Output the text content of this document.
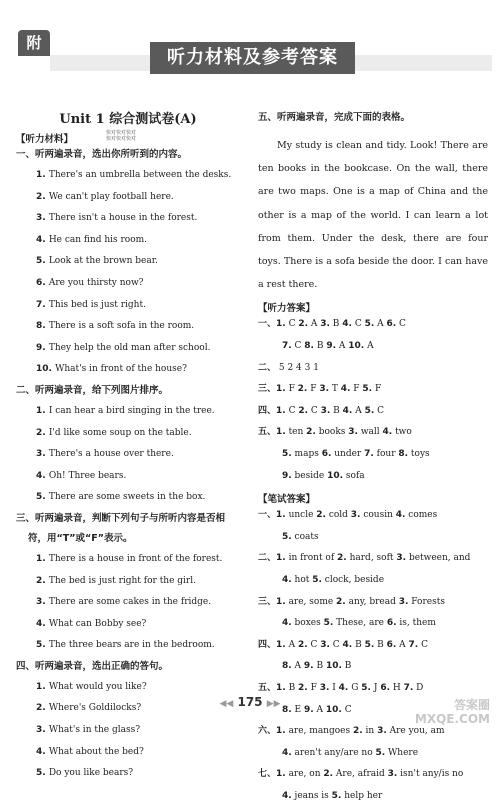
附
听力材料及参考答案
快对快对快对
快对快对快对
Unit 1 综合测试卷(A)
【听力材料】
一、听两遍录音，选出你所听到的内容。
1. There's an umbrella between the desks.
2. We can't play football here.
3. There isn't a house in the forest.
4. He can find his room.
5. Look at the brown bear.
6. Are you thirsty now?
7. This bed is just right.
8. There is a soft sofa in the room.
9. They help the old man after school.
10. What's in front of the house?
二、听两遍录音，给下列图片排序。
1. I can hear a bird singing in the tree.
2. I'd like some soup on the table.
3. There's a house over there.
4. Oh! Three bears.
5. There are some sweets in the box.
三、听两遍录音，判断下列句子与所听内容是否相
符，用“T”或“F”表示。
1. There is a house in front of the forest.
2. The bed is just right for the girl.
3. There are some cakes in the fridge.
4. What can Bobby see?
5. The three bears are in the bedroom.
四、听两遍录音，选出正确的答句。
1. What would you like?
2. Where's Goldilocks?
3. What's in the glass?
4. What about the bed?
5. Do you like bears?
五、听两遍录音，完成下面的表格。

My study is clean and tidy. Look! There are ten books in the bookcase. On the wall, there are two maps. One is a map of China and the other is a map of the world. I can learn a lot from them. Under the desk, there are four toys. There is a sofa beside the door. I can have a rest there.

【听力答案】
一、1. C 2. A 3. B 4. C 5. A 6. C
7. C 8. B 9. A 10. A
二、 5 2 4 3 1
三、1. F 2. F 3. T 4. F 5. F
四、1. C 2. C 3. B 4. A 5. C
五、1. ten 2. books 3. wall 4. two
5. maps 6. under 7. four 8. toys
9. beside 10. sofa
【笔试答案】
一、1. uncle 2. cold 3. cousin 4. comes
5. coats
二、1. in front of 2. hard, soft 3. between, and
4. hot 5. clock, beside
三、1. are, some 2. any, bread 3. Forests
4. boxes 5. These, are 6. is, them
四、1. A 2. C 3. C 4. B 5. B 6. A 7. C
8. A 9. B 10. B
五、1. B 2. F 3. I 4. G 5. J 6. H 7. D
8. E 9. A 10. C
六、1. are, mangoes 2. in 3. Are you, am
4. aren't any/are no 5. Where
七、1. are, on 2. Are, afraid 3. isn't any/is no
4. jeans is 5. help her
◀◀ 175 ▶▶	答案圈
MXQE.COM
